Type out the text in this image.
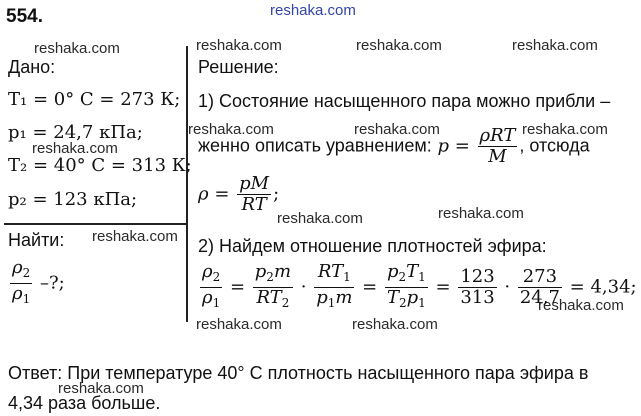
554.	reshaka.com
reshaka.com	reshaka.com	reshaka.com	reshaka.com
reshaka.com	reshaka.com	reshaka.com
reshaka.com
reshaka.com	reshaka.com
reshaka.com
reshaka.com
reshaka.com	reshaka.com
reshaka.com
Дано:
T₁ = 0° C = 273 К;
p₁ = 24,7 кПа;
T₂ = 40° C = 313 К;
p₂ = 123 кПа;
Найти:
$\frac{\rho_2}{\rho_1}$ –?;
Решение:
1) Состояние насыщенного пара можно прибли –
женно описать уравнением: $p = \frac{\text{ρRT}}{M}$ , отсюда
$\rho = \frac{pM}{RT}$ ;
2) Найдем отношение плотностей эфира:
$\frac{\rho_2}{\rho_1} = \frac{p_2m}{RT_2} \cdot \frac{RT_1}{p_1m} = \frac{p_2T_1}{T_2p_1} = \frac{123}{313} \cdot \frac{273}{24,7} = 4,34$;
Ответ: При температуре 40° C плотность насыщенного пара эфира в
4,34 раза больше.
